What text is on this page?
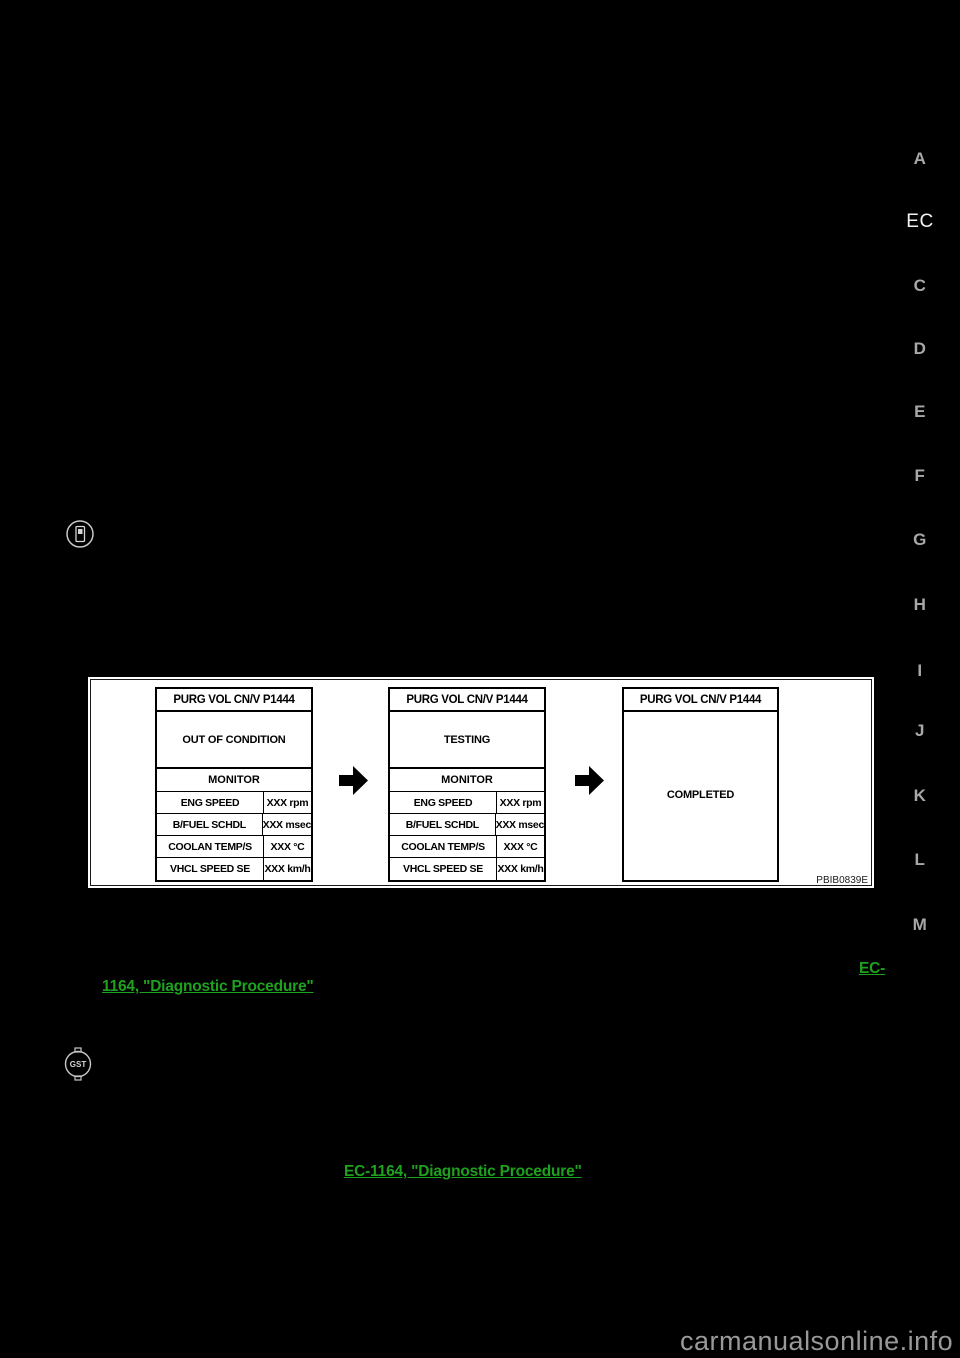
A
EC
C
D
E
F
G
H
I
J
K
L
M
GST
PURG VOL CN/V P1444
OUT OF CONDITION
MONITOR
ENG SPEED	XXX rpm
B/FUEL SCHDL	XXX msec
COOLAN TEMP/S	XXX °C
VHCL SPEED SE	XXX km/h
PURG VOL CN/V P1444
TESTING
MONITOR
ENG SPEED	XXX rpm
B/FUEL SCHDL	XXX msec
COOLAN TEMP/S	XXX °C
VHCL SPEED SE	XXX km/h
PURG VOL CN/V P1444
COMPLETED
PBIB0839E
EC-
1164, "Diagnostic Procedure"
EC-1164, "Diagnostic Procedure"
carmanualsonline.info
